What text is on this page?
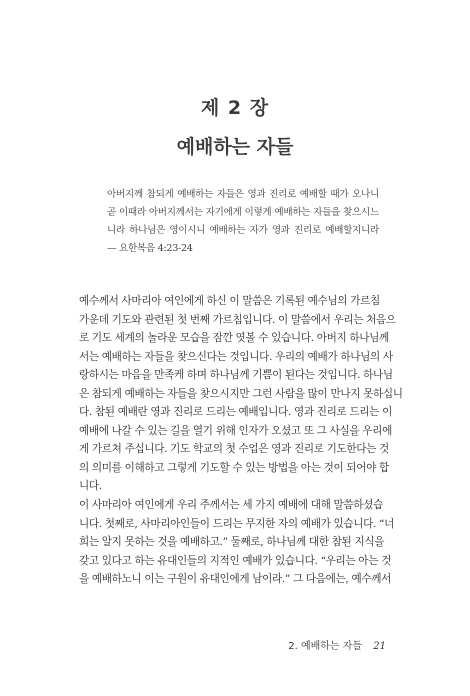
제 2 장
예배하는 자들
아버지께 참되게 예배하는 자들은 영과 진리로 예배할 때가 오나니 곧 이때라 아버지께서는 자기에게 이렇게 예배하는 자들을 찾으시느니라 하나님은 영이시니 예배하는 자가 영과 진리로 예배할지니라 — 요한복음 4:23-24

예수께서 사마리아 여인에게 하신 이 말씀은 기록된 예수님의 가르침
가운데 기도와 관련된 첫 번째 가르침입니다. 이 말씀에서 우리는 처음으
로 기도 세계의 놀라운 모습을 잠깐 엿볼 수 있습니다. 아버지 하나님께
서는 예배하는 자들을 찾으신다는 것입니다. 우리의 예배가 하나님의 사
랑하시는 마음을 만족케 하며 하나님께 기쁨이 된다는 것입니다. 하나님
은 참되게 예배하는 자들을 찾으시지만 그런 사람을 많이 만나지 못하십니
다. 참된 예배란 영과 진리로 드리는 예배입니다. 영과 진리로 드리는 이
예배에 나갈 수 있는 길을 열기 위해 인자가 오셨고 또 그 사실을 우리에
게 가르쳐 주십니다. 기도 학교의 첫 수업은 영과 진리로 기도한다는 것
의 의미를 이해하고 그렇게 기도할 수 있는 방법을 아는 것이 되어야 합
니다.

이 사마리아 여인에게 우리 주께서는 세 가지 예배에 대해 말씀하셨습
니다. 첫째로, 사마리아인들이 드리는 무지한 자의 예배가 있습니다. “너
희는 알지 못하는 것을 예배하고.” 둘째로, 하나님께 대한 참된 지식을
갖고 있다고 하는 유대인들의 지적인 예배가 있습니다. “우리는 아는 것
을 예배하노니 이는 구원이 유대인에게 남이라.” 그 다음에는, 예수께서

2. 예배하는 자들 21
